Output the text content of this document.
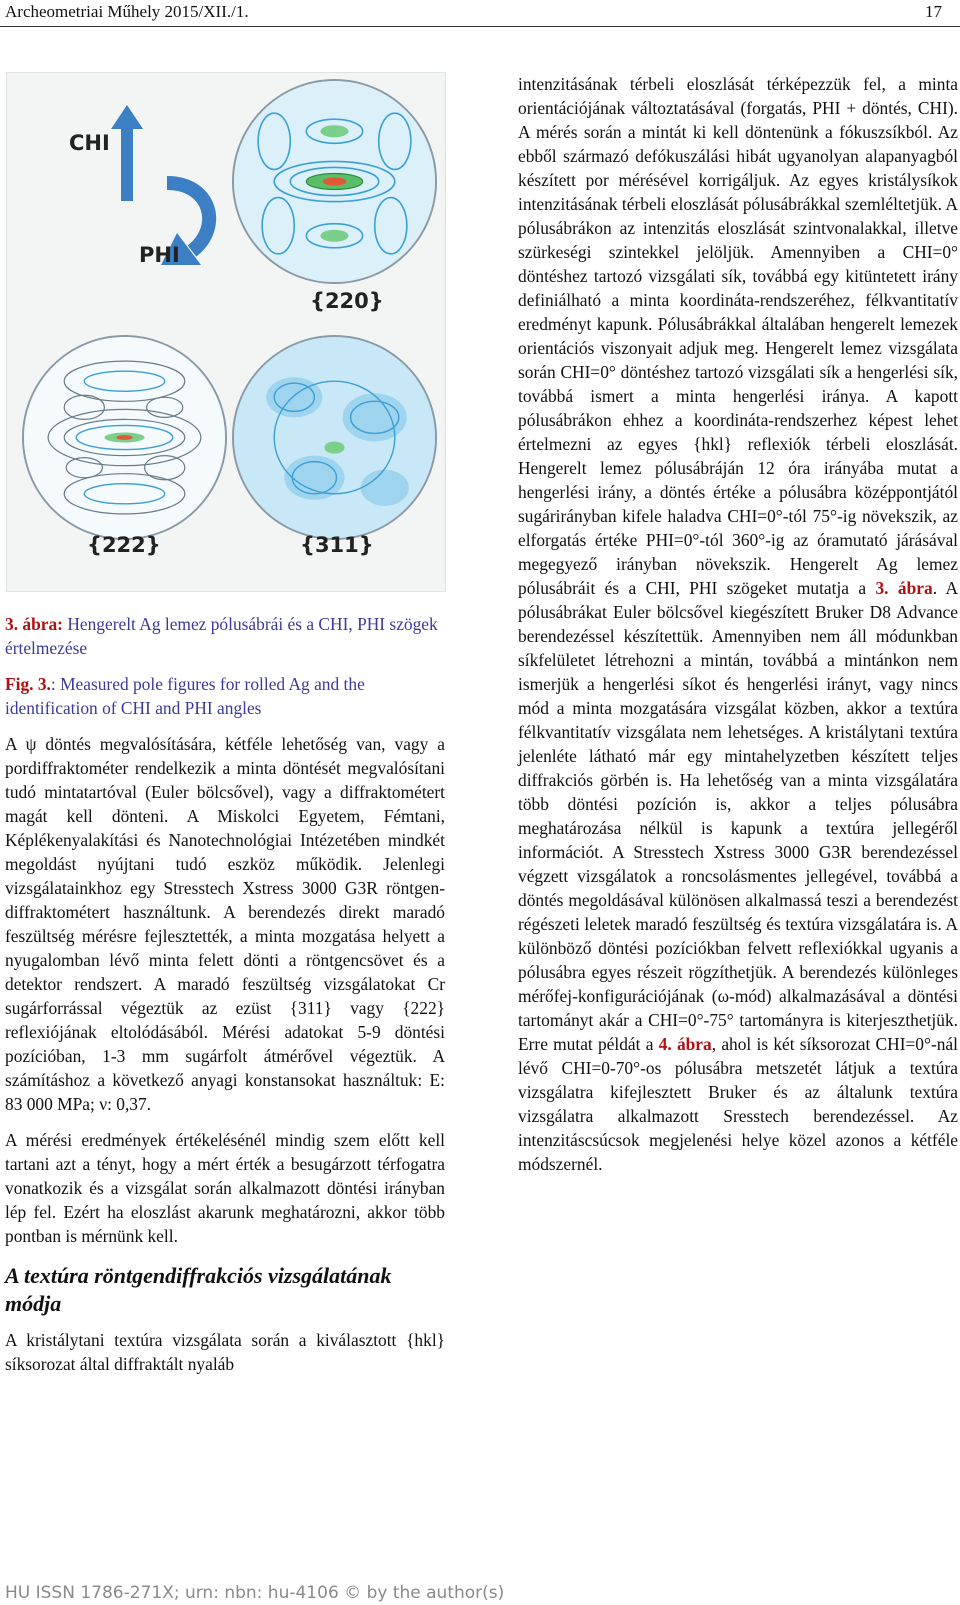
Archeometriai Műhely 2015/XII./1.	17
CHI
PHI
{220}
{222}	{311}
3. ábra: Hengerelt Ag lemez pólusábrái és a CHI, PHI szögek értelmezése
Fig. 3.: Measured pole figures for rolled Ag and the identification of CHI and PHI angles

A ψ döntés megvalósítására, kétféle lehetőség van, vagy a pordiffraktométer rendelkezik a minta döntését megvalósítani tudó mintatartóval (Euler bölcsővel), vagy a diffraktométert magát kell dönteni. A Miskolci Egyetem, Fémtani, Képlékenyalakítási és Nanotechnológiai Intézetében mindkét megoldást nyújtani tudó eszköz működik. Jelenlegi vizsgálatainkhoz egy Stresstech Xstress 3000 G3R röntgen-diffraktométert használtunk. A berendezés direkt maradó feszültség mérésre fejlesztették, a minta mozgatása helyett a nyugalomban lévő minta felett dönti a röntgencsövet és a detektor rendszert. A maradó feszültség vizsgálatokat Cr sugárforrással végeztük az ezüst {311} vagy {222} reflexiójának eltolódásából. Mérési adatokat 5-9 döntési pozícióban, 1-3 mm sugárfolt átmérővel végeztük. A számításhoz a következő anyagi konstansokat használtuk: E: 83 000 MPa; ν: 0,37.

A mérési eredmények értékelésénél mindig szem előtt kell tartani azt a tényt, hogy a mért érték a besugárzott térfogatra vonatkozik és a vizsgálat során alkalmazott döntési irányban lép fel. Ezért ha eloszlást akarunk meghatározni, akkor több pontban is mérnünk kell.

A textúra röntgendiffrakciós vizsgálatának módja

A kristálytani textúra vizsgálata során a kiválasztott {hkl} síksorozat által diffraktált nyaláb

intenzitásának térbeli eloszlását térképezzük fel, a minta orientációjának változtatásával (forgatás, PHI + döntés, CHI). A mérés során a mintát ki kell döntenünk a fókuszsíkból. Az ebből származó defókuszálási hibát ugyanolyan alapanyagból készített por mérésével korrigáljuk. Az egyes kristálysíkok intenzitásának térbeli eloszlását pólusábrákkal szemléltetjük. A pólusábrákon az intenzitás eloszlását szintvonalakkal, illetve szürkeségi szintekkel jelöljük. Amennyiben a CHI=0° döntéshez tartozó vizsgálati sík, továbbá egy kitüntetett irány definiálható a minta koordináta-rendszeréhez, félkvantitatív eredményt kapunk. Pólusábrákkal általában hengerelt lemezek orientációs viszonyait adjuk meg. Hengerelt lemez vizsgálata során CHI=0° döntéshez tartozó vizsgálati sík a hengerlési sík, továbbá ismert a minta hengerlési iránya. A kapott pólusábrákon ehhez a koordináta-rendszerhez képest lehet értelmezni az egyes {hkl} reflexiók térbeli eloszlását. Hengerelt lemez pólusábráján 12 óra irányába mutat a hengerlési irány, a döntés értéke a pólusábra középpontjától sugárirányban kifele haladva CHI=0°-tól 75°-ig növekszik, az elforgatás értéke PHI=0°-tól 360°-ig az óramutató járásával megegyező irányban növekszik. Hengerelt Ag lemez pólusábráit és a CHI, PHI szögeket mutatja a 3. ábra. A pólusábrákat Euler bölcsővel kiegészített Bruker D8 Advance berendezéssel készítettük. Amennyiben nem áll módunkban síkfelületet létrehozni a mintán, továbbá a mintánkon nem ismerjük a hengerlési síkot és hengerlési irányt, vagy nincs mód a minta mozgatására vizsgálat közben, akkor a textúra félkvantitatív vizsgálata nem lehetséges. A kristálytani textúra jelenléte látható már egy mintahelyzetben készített teljes diffrakciós görbén is. Ha lehetőség van a minta vizsgálatára több döntési pozíción is, akkor a teljes pólusábra meghatározása nélkül is kapunk a textúra jellegéről információt. A Stresstech Xstress 3000 G3R berendezéssel végzett vizsgálatok a roncsolásmentes jellegével, továbbá a döntés megoldásával különösen alkalmassá teszi a berendezést régészeti leletek maradó feszültség és textúra vizsgálatára is. A különböző döntési pozíciókban felvett reflexiókkal ugyanis a pólusábra egyes részeit rögzíthetjük. A berendezés különleges mérőfej-konfigurációjának (ω-mód) alkalmazásával a döntési tartományt akár a CHI=0°-75° tartományra is kiterjeszthetjük. Erre mutat példát a 4. ábra, ahol is két síksorozat CHI=0°-nál lévő CHI=0-70°-os pólusábra metszetét látjuk a textúra vizsgálatra kifejlesztett Bruker és az általunk textúra vizsgálatra alkalmazott Sresstech berendezéssel. Az intenzitáscsúcsok megjelenési helye közel azonos a kétféle módszernél.

HU ISSN 1786-271X; urn: nbn: hu-4106 © by the author(s)
